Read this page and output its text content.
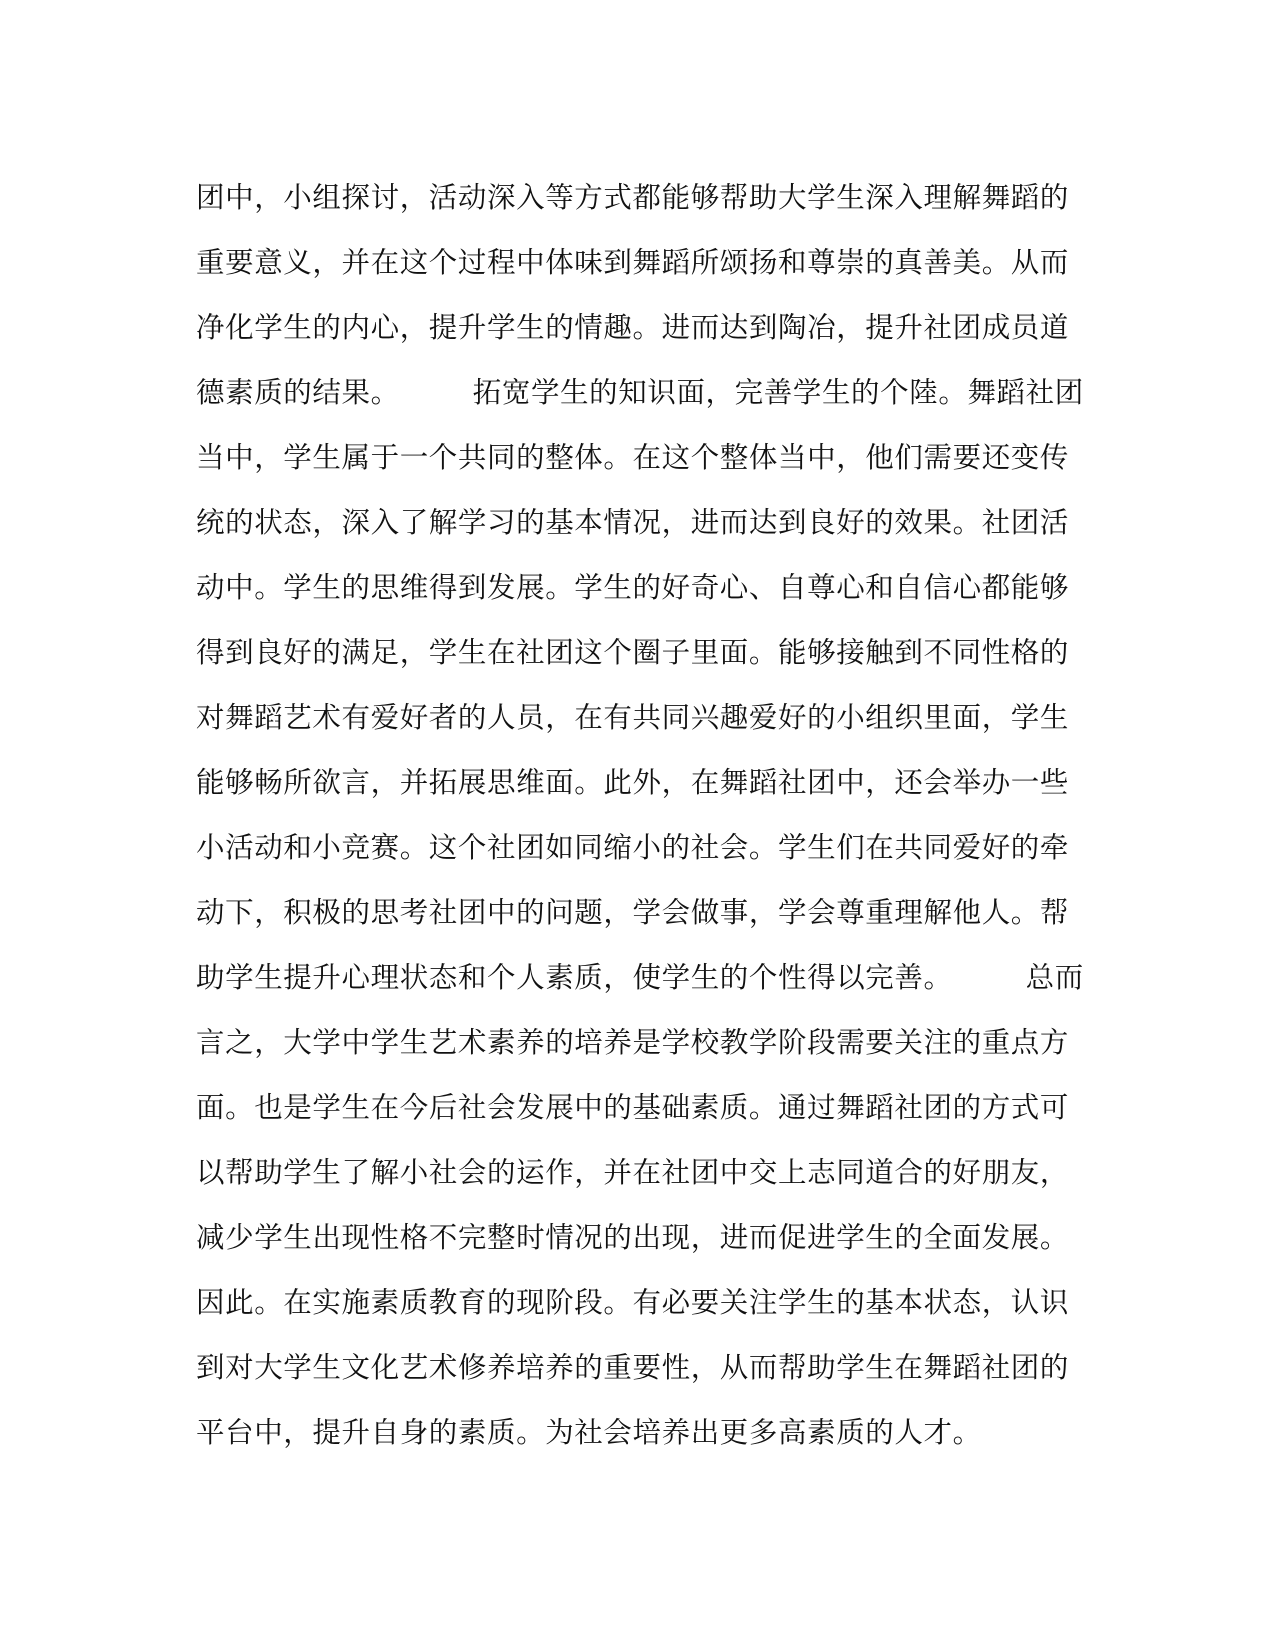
团中，小组探讨，活动深入等方式都能够帮助大学生深入理解舞蹈的
重要意义，并在这个过程中体味到舞蹈所颂扬和尊崇的真善美。从而
净化学生的内心，提升学生的情趣。进而达到陶冶，提升社团成员道
德素质的结果。　　　拓宽学生的知识面，完善学生的个陸。舞蹈社团
当中，学生属于一个共同的整体。在这个整体当中，他们需要还变传
统的状态，深入了解学习的基本情况，进而达到良好的效果。社团活
动中。学生的思维得到发展。学生的好奇心、自尊心和自信心都能够
得到良好的满足，学生在社团这个圈子里面。能够接触到不同性格的
对舞蹈艺术有爱好者的人员，在有共同兴趣爱好的小组织里面，学生
能够畅所欲言，并拓展思维面。此外，在舞蹈社团中，还会举办一些
小活动和小竞赛。这个社团如同缩小的社会。学生们在共同爱好的牵
动下，积极的思考社团中的问题，学会做事，学会尊重理解他人。帮
助学生提升心理状态和个人素质，使学生的个性得以完善。　　　总而
言之，大学中学生艺术素养的培养是学校教学阶段需要关注的重点方
面。也是学生在今后社会发展中的基础素质。通过舞蹈社团的方式可
以帮助学生了解小社会的运作，并在社团中交上志同道合的好朋友，
减少学生出现性格不完整时情况的出现，进而促进学生的全面发展。
因此。在实施素质教育的现阶段。有必要关注学生的基本状态，认识
到对大学生文化艺术修养培养的重要性，从而帮助学生在舞蹈社团的
平台中，提升自身的素质。为社会培养出更多高素质的人才。
